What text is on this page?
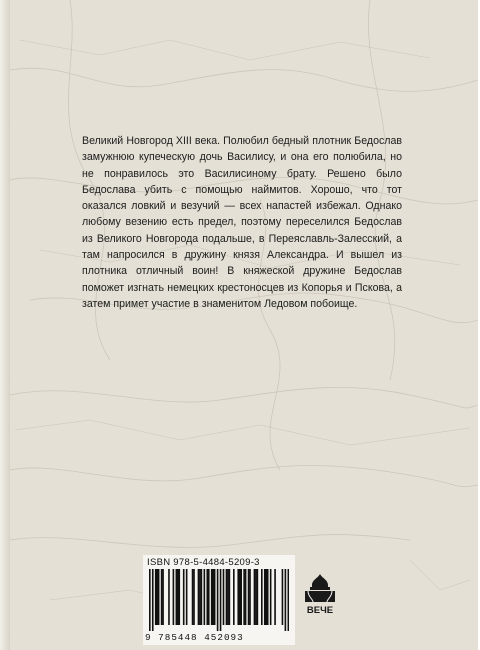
Великий Новгород XIII века. Полюбил бедный плотник Бедослав замужнюю купеческую дочь Василису, и она его полюбила, но не понравилось это Василисиному брату. Решено было Бедослава убить с помощью наймитов. Хорошо, что тот оказался ловкий и везучий — всех напастей избежал. Однако любому везению есть предел, поэтому переселился Бедослав из Великого Новгорода подальше, в Переяславль-Залесский, а там напросился в дружину князя Александра. И вышел из плотника отличный воин! В княжеской дружине Бедослав поможет изгнать немецких крестоносцев из Копорья и Пскова, а затем примет участие в знаменитом Ледовом побоище.
ISBN 978-5-4484-5209-3
9 785448 452093
ВЕЧЕ
